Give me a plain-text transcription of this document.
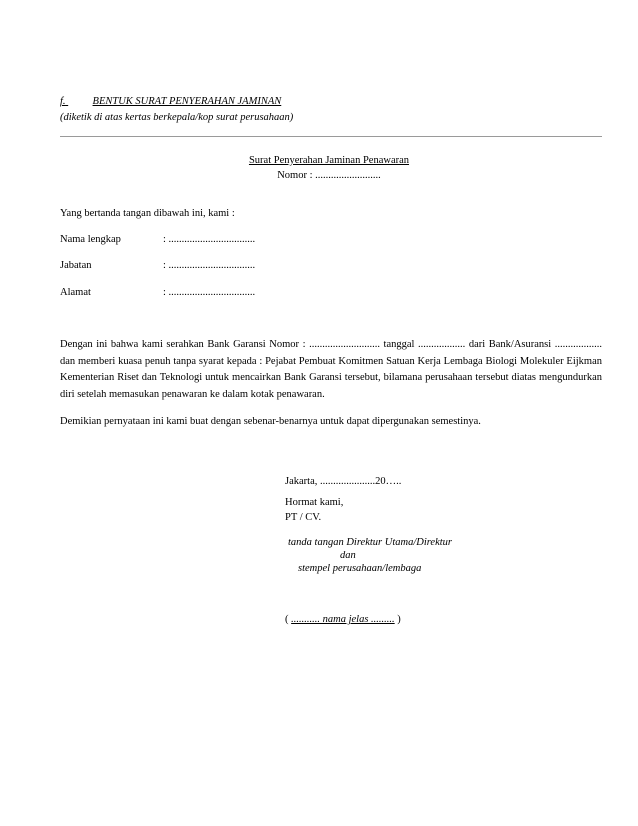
f.	BENTUK SURAT PENYERAHAN JAMINAN
(diketik di atas kertas berkepala/kop surat perusahaan)
Surat Penyerahan Jaminan Penawaran
Nomor : .........................
Yang bertanda tangan dibawah ini, kami :
Nama lengkap	: .................................
Jabatan	: .................................
Alamat	: .................................

Dengan ini bahwa kami serahkan Bank Garansi Nomor : ........................... tanggal .................. dari Bank/Asuransi .................. dan memberi kuasa penuh tanpa syarat kepada : Pejabat Pembuat Komitmen Satuan Kerja Lembaga Biologi Molekuler Eijkman Kementerian Riset dan Teknologi untuk mencairkan Bank Garansi tersebut, bilamana perusahaan tersebut diatas mengundurkan diri setelah memasukan penawaran ke dalam kotak penawaran.

Demikian pernyataan ini kami buat dengan sebenar-benarnya untuk dapat dipergunakan semestinya.
Jakarta, .....................20…..
Hormat kami,
PT / CV.
tanda tangan Direktur Utama/Direktur
dan
stempel perusahaan/lembaga
( ........... nama jelas ......... )
